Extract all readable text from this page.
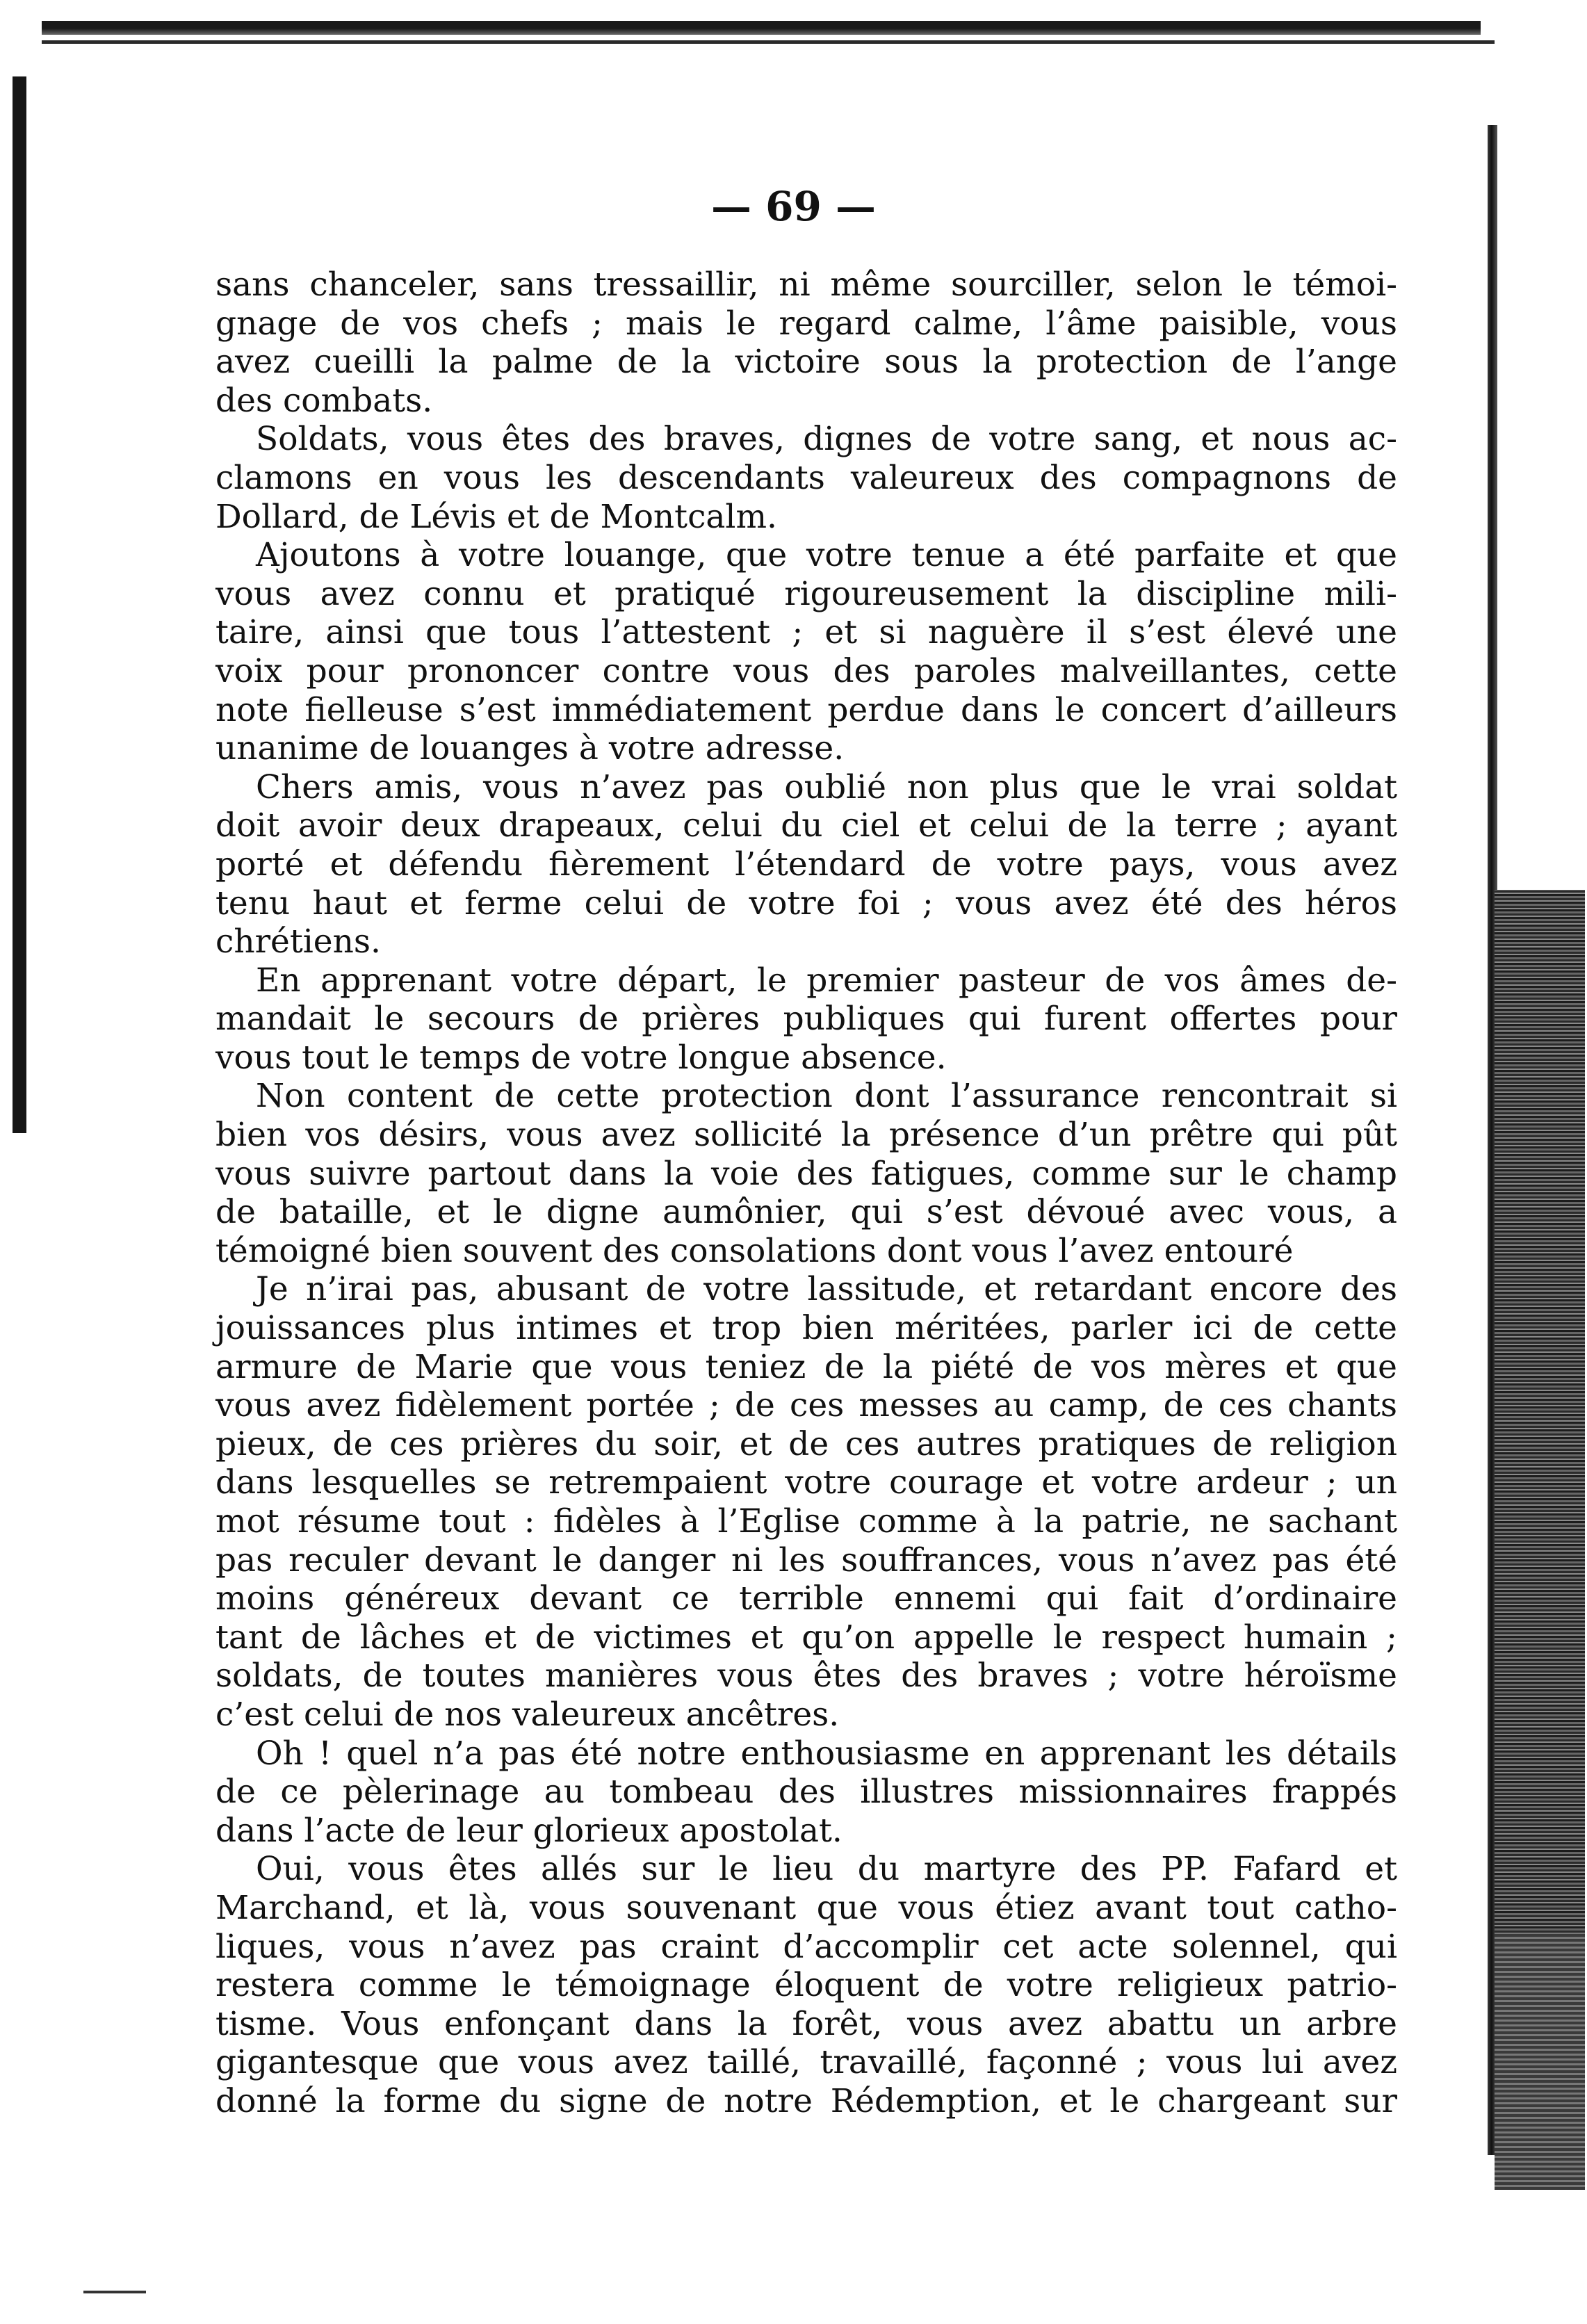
— 69 —
sans chanceler, sans tressaillir, ni même sourciller, selon le témoi-
gnage de vos chefs ; mais le regard calme, l’âme paisible, vous
avez cueilli la palme de la victoire sous la protection de l’ange
des combats.
Soldats, vous êtes des braves, dignes de votre sang, et nous ac-
clamons en vous les descendants valeureux des compagnons de
Dollard, de Lévis et de Montcalm.
Ajoutons à votre louange, que votre tenue a été parfaite et que
vous avez connu et pratiqué rigoureusement la discipline mili-
taire, ainsi que tous l’attestent ; et si naguère il s’est élevé une
voix pour prononcer contre vous des paroles malveillantes, cette
note fielleuse s’est immédiatement perdue dans le concert d’ailleurs
unanime de louanges à votre adresse.
Chers amis, vous n’avez pas oublié non plus que le vrai soldat
doit avoir deux drapeaux, celui du ciel et celui de la terre ; ayant
porté et défendu fièrement l’étendard de votre pays, vous avez
tenu haut et ferme celui de votre foi ; vous avez été des héros
chrétiens.
En apprenant votre départ, le premier pasteur de vos âmes de-
mandait le secours de prières publiques qui furent offertes pour
vous tout le temps de votre longue absence.
Non content de cette protection dont l’assurance rencontrait si
bien vos désirs, vous avez sollicité la présence d’un prêtre qui pût
vous suivre partout dans la voie des fatigues, comme sur le champ
de bataille, et le digne aumônier, qui s’est dévoué avec vous, a
témoigné bien souvent des consolations dont vous l’avez entouré
Je n’irai pas, abusant de votre lassitude, et retardant encore des
jouissances plus intimes et trop bien méritées, parler ici de cette
armure de Marie que vous teniez de la piété de vos mères et que
vous avez fidèlement portée ; de ces messes au camp, de ces chants
pieux, de ces prières du soir, et de ces autres pratiques de religion
dans lesquelles se retrempaient votre courage et votre ardeur ; un
mot résume tout : fidèles à l’Eglise comme à la patrie, ne sachant
pas reculer devant le danger ni les souffrances, vous n’avez pas été
moins généreux devant ce terrible ennemi qui fait d’ordinaire
tant de lâches et de victimes et qu’on appelle le respect humain ;
soldats, de toutes manières vous êtes des braves ; votre héroïsme
c’est celui de nos valeureux ancêtres.
Oh ! quel n’a pas été notre enthousiasme en apprenant les détails
de ce pèlerinage au tombeau des illustres missionnaires frappés
dans l’acte de leur glorieux apostolat.
Oui, vous êtes allés sur le lieu du martyre des PP. Fafard et
Marchand, et là, vous souvenant que vous étiez avant tout catho-
liques, vous n’avez pas craint d’accomplir cet acte solennel, qui
restera comme le témoignage éloquent de votre religieux patrio-
tisme. Vous enfonçant dans la forêt, vous avez abattu un arbre
gigantesque que vous avez taillé, travaillé, façonné ; vous lui avez
donné la forme du signe de notre Rédemption, et le chargeant sur
